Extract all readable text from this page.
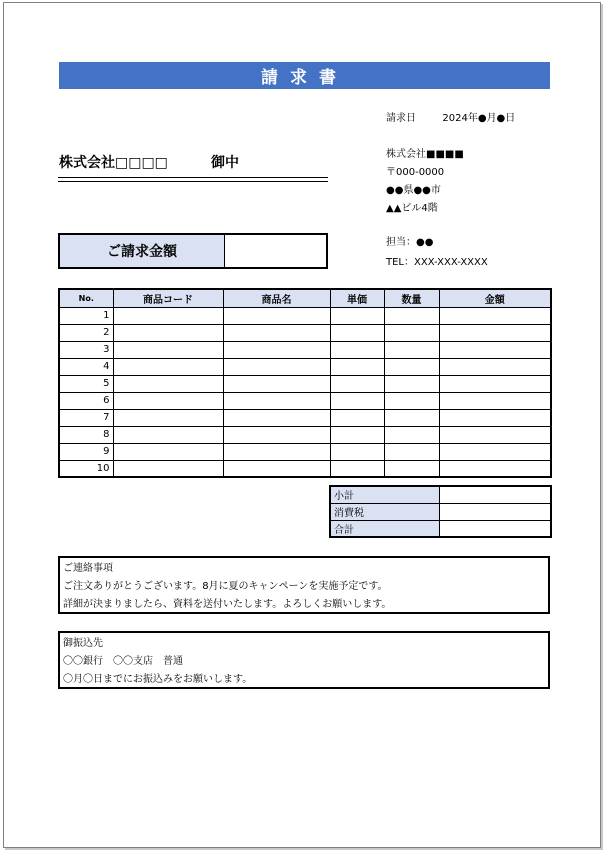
請求書
請求日	2024年●月●日
株式会社□□□□	御中
株式会社■■■■
〒000-0000
●●県●●市
▲▲ビル4階
担当：●●
TEL：XXX-XXX-XXXX
ご請求金額
No.	商品コード	商品名	単価	数量	金額
1					
2					
3					
4					
5					
6					
7					
8					
9					
10					
小計	
消費税	
合計	
ご連絡事項
ご注文ありがとうございます。8月に夏のキャンペーンを実施予定です。
詳細が決まりましたら、資料を送付いたします。よろしくお願いします。
御振込先
〇〇銀行　〇〇支店　普通
〇月〇日までにお振込みをお願いします。
